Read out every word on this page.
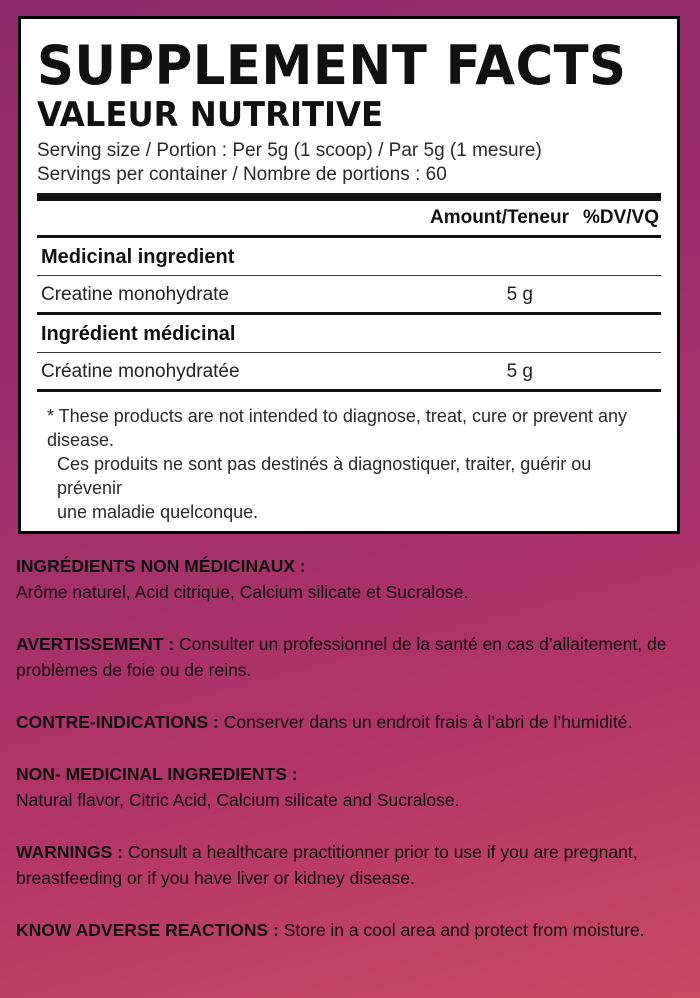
SUPPLEMENT FACTS
VALEUR NUTRITIVE
Serving size / Portion : Per 5g (1 scoop) / Par 5g (1 mesure)
Servings per container / Nombre de portions : 60
Amount/Teneur %DV/VQ
Medicinal ingredient
Creatine monohydrate	5 g
Ingrédient médicinal
Créatine monohydratée	5 g
* These products are not intended to diagnose, treat, cure or prevent any disease.
Ces produits ne sont pas destinés à diagnostiquer, traiter, guérir ou prévenir
une maladie quelconque.
INGRÉDIENTS NON MÉDICINAUX :
Arôme naturel, Acid citrique, Calcium silicate et Sucralose.
AVERTISSEMENT : Consulter un professionnel de la santé en cas d’allaitement, de problèmes de foie ou de reins.
CONTRE-INDICATIONS : Conserver dans un endroit frais à l’abri de l’humidité.
NON- MEDICINAL INGREDIENTS :
Natural flavor, Citric Acid, Calcium silicate and Sucralose.
WARNINGS : Consult a healthcare practitionner prior to use if you are pregnant, breastfeeding or if you have liver or kidney disease.
KNOW ADVERSE REACTIONS : Store in a cool area and protect from moisture.
